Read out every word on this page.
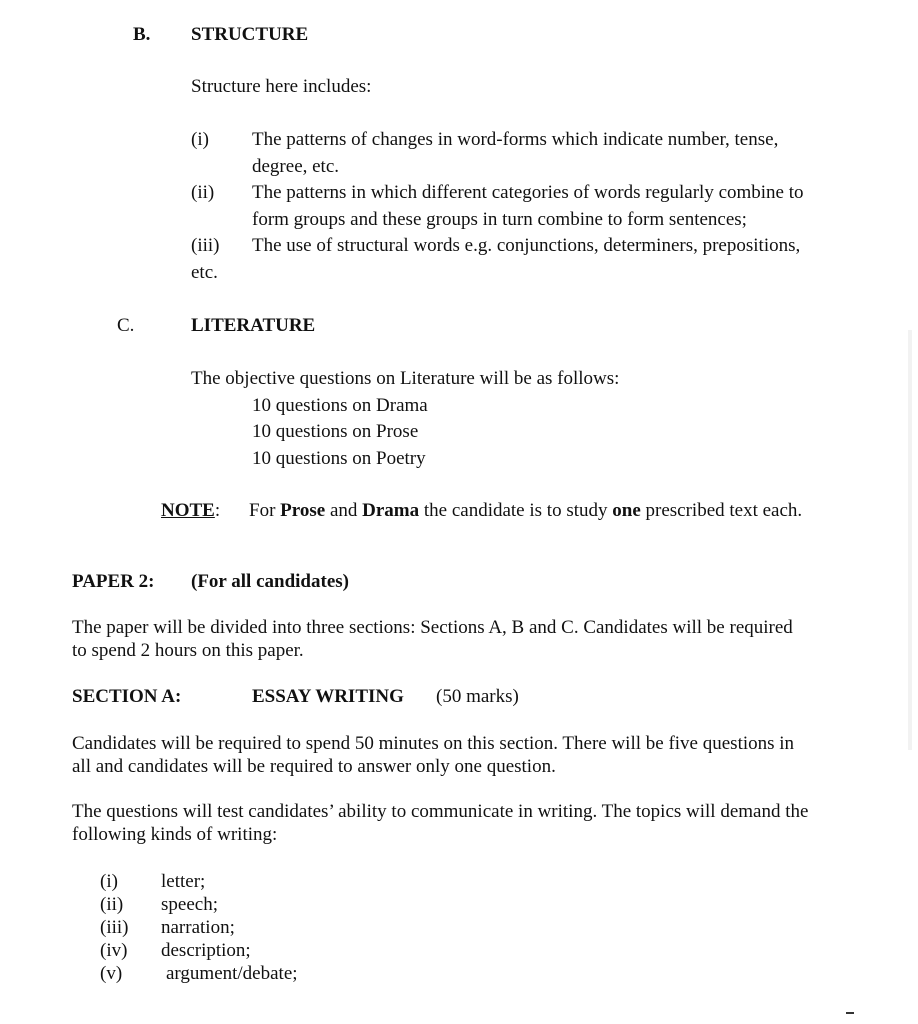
B. STRUCTURE
Structure here includes:
(i) The patterns of changes in word-forms which indicate number, tense,
degree, etc.
(ii) The patterns in which different categories of words regularly combine to
form groups and these groups in turn combine to form sentences;
(iii) The use of structural words e.g. conjunctions, determiners, prepositions,
etc.
C.	LITERATURE
The objective questions on Literature will be as follows:
10 questions on Drama
10 questions on Prose
10 questions on Poetry
NOTE: For Prose and Drama the candidate is to study one prescribed text each.
PAPER 2: (For all candidates)
The paper will be divided into three sections: Sections A, B and C. Candidates will be required
to spend 2 hours on this paper.
SECTION A:	ESSAY WRITING (50 marks)
Candidates will be required to spend 50 minutes on this section. There will be five questions in
all and candidates will be required to answer only one question.
The questions will test candidates’ ability to communicate in writing. The topics will demand the
following kinds of writing:
(i) letter;
(ii) speech;
(iii) narration;
(iv) description;
(v) argument/debate;
